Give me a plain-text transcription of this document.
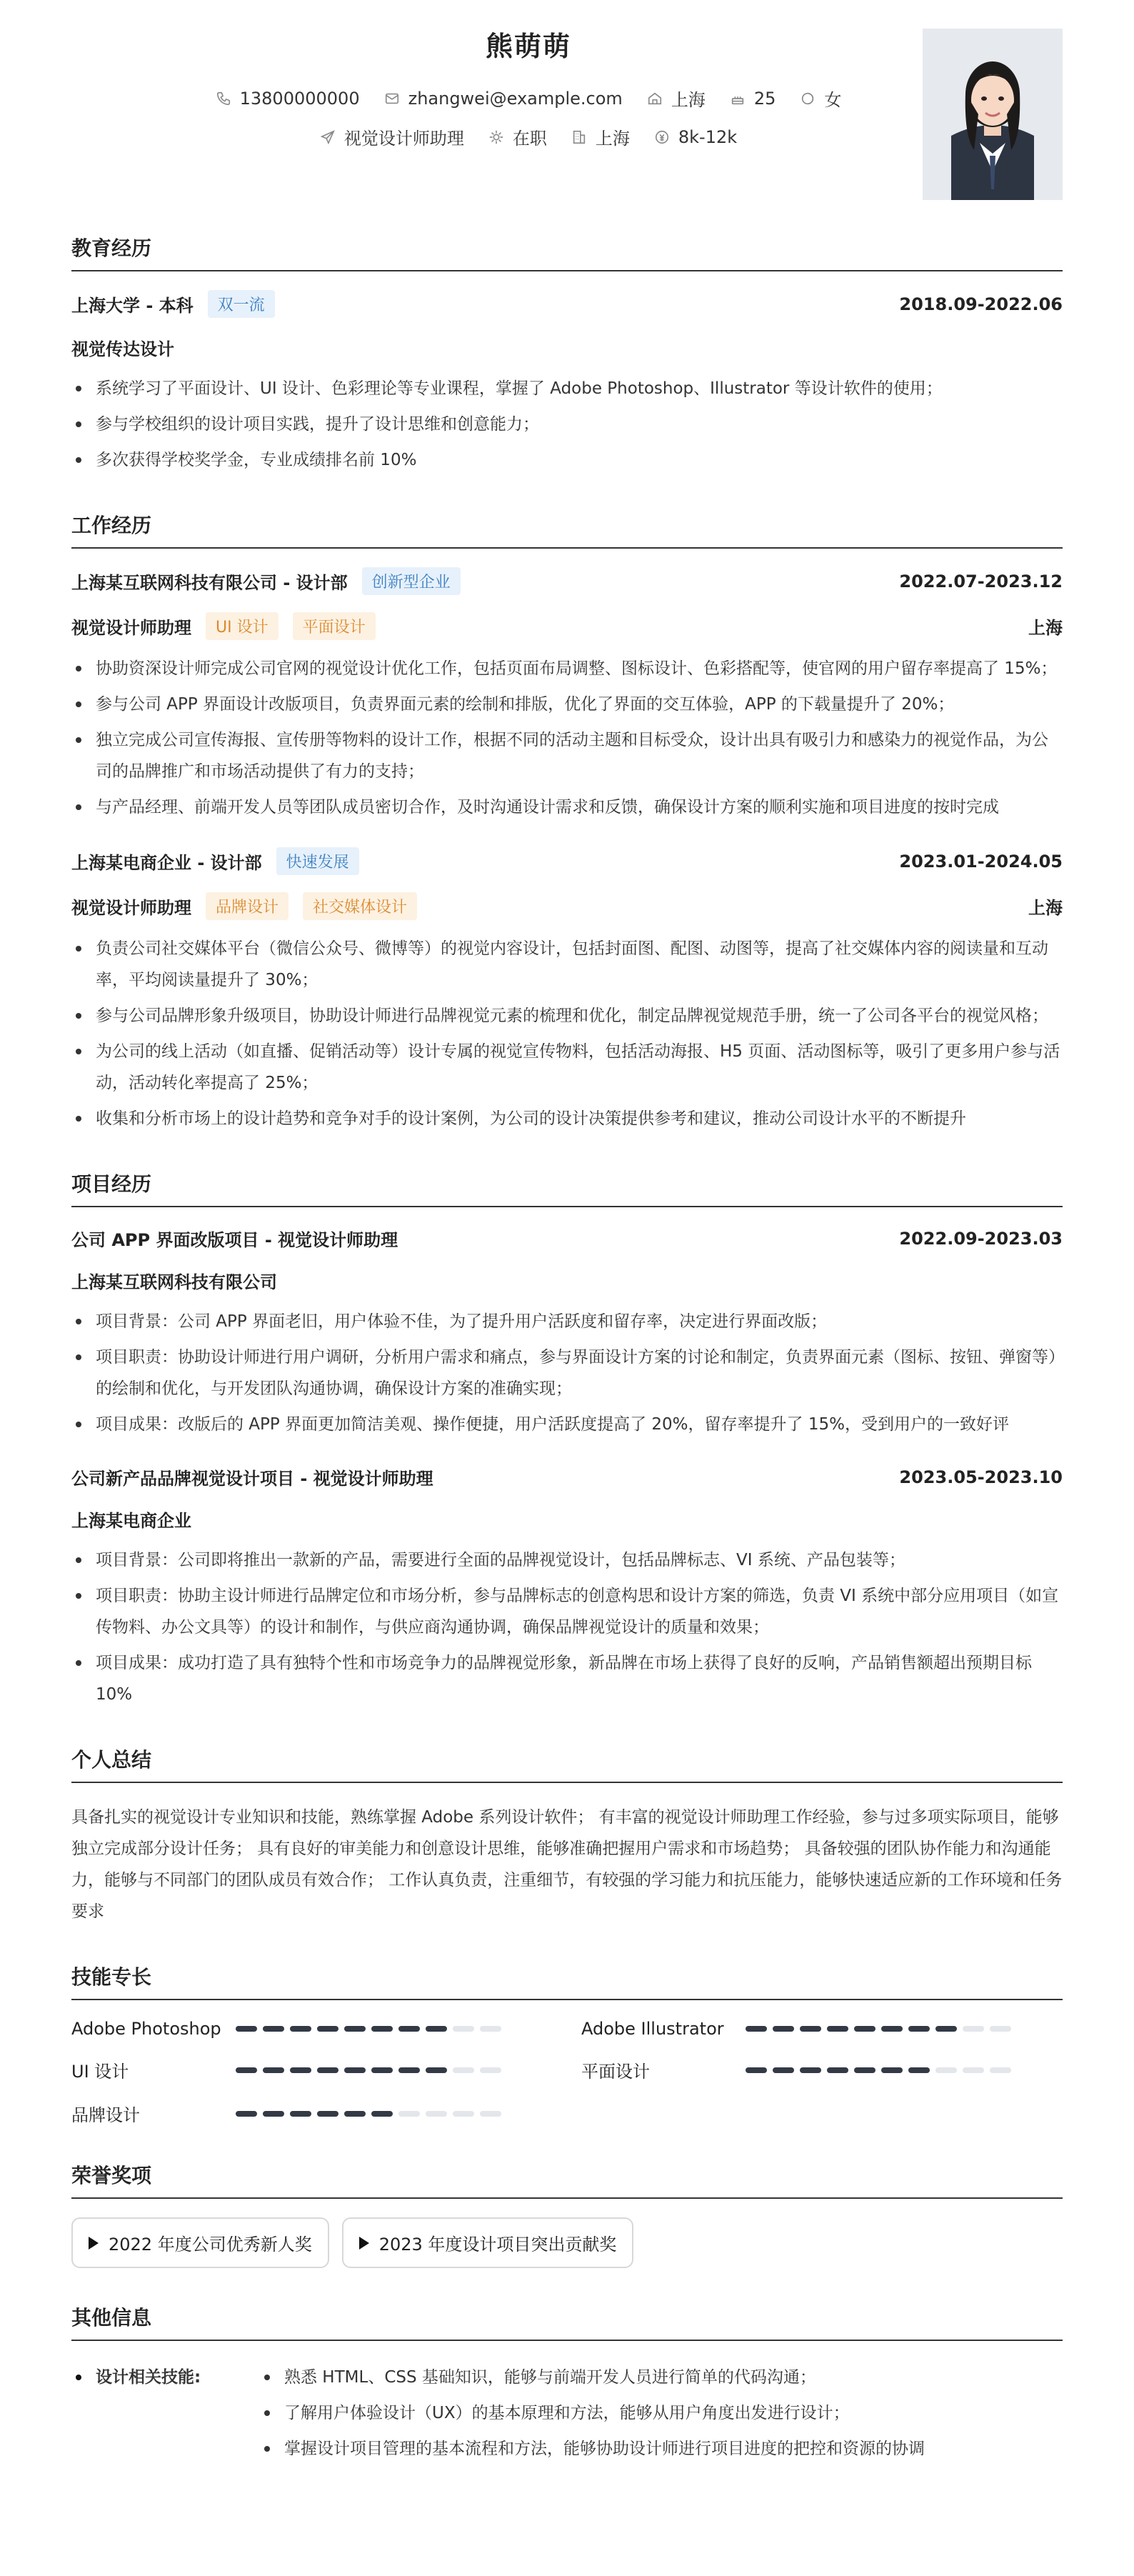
熊萌萌
13800000000	zhangwei@example.com	上海	25	女
视觉设计师助理	在职	上海	8k-12k
教育经历
上海大学 - 本科	双一流	2018.09-2022.06
视觉传达设计
系统学习了平面设计、UI 设计、色彩理论等专业课程，掌握了 Adobe Photoshop、Illustrator 等设计软件的使用；
参与学校组织的设计项目实践，提升了设计思维和创意能力；
多次获得学校奖学金，专业成绩排名前 10%
工作经历
上海某互联网科技有限公司 - 设计部	创新型企业	2022.07-2023.12
视觉设计师助理	UI 设计	平面设计	上海
协助资深设计师完成公司官网的视觉设计优化工作，包括页面布局调整、图标设计、色彩搭配等，使官网的用户留存率提高了 15%；
参与公司 APP 界面设计改版项目，负责界面元素的绘制和排版，优化了界面的交互体验，APP 的下载量提升了 20%；
独立完成公司宣传海报、宣传册等物料的设计工作，根据不同的活动主题和目标受众，设计出具有吸引力和感染力的视觉作品，为公司的品牌推广和市场活动提供了有力的支持；
与产品经理、前端开发人员等团队成员密切合作，及时沟通设计需求和反馈，确保设计方案的顺利实施和项目进度的按时完成
上海某电商企业 - 设计部	快速发展	2023.01-2024.05
视觉设计师助理	品牌设计	社交媒体设计	上海
负责公司社交媒体平台（微信公众号、微博等）的视觉内容设计，包括封面图、配图、动图等，提高了社交媒体内容的阅读量和互动率，平均阅读量提升了 30%；
参与公司品牌形象升级项目，协助设计师进行品牌视觉元素的梳理和优化，制定品牌视觉规范手册，统一了公司各平台的视觉风格；
为公司的线上活动（如直播、促销活动等）设计专属的视觉宣传物料，包括活动海报、H5 页面、活动图标等，吸引了更多用户参与活动，活动转化率提高了 25%；
收集和分析市场上的设计趋势和竞争对手的设计案例，为公司的设计决策提供参考和建议，推动公司设计水平的不断提升
项目经历
公司 APP 界面改版项目 - 视觉设计师助理	2022.09-2023.03
上海某互联网科技有限公司
项目背景：公司 APP 界面老旧，用户体验不佳，为了提升用户活跃度和留存率，决定进行界面改版；
项目职责：协助设计师进行用户调研，分析用户需求和痛点，参与界面设计方案的讨论和制定，负责界面元素（图标、按钮、弹窗等）的绘制和优化，与开发团队沟通协调，确保设计方案的准确实现；
项目成果：改版后的 APP 界面更加简洁美观、操作便捷，用户活跃度提高了 20%，留存率提升了 15%，受到用户的一致好评
公司新产品品牌视觉设计项目 - 视觉设计师助理	2023.05-2023.10
上海某电商企业
项目背景：公司即将推出一款新的产品，需要进行全面的品牌视觉设计，包括品牌标志、VI 系统、产品包装等；
项目职责：协助主设计师进行品牌定位和市场分析，参与品牌标志的创意构思和设计方案的筛选，负责 VI 系统中部分应用项目（如宣传物料、办公文具等）的设计和制作，与供应商沟通协调，确保品牌视觉设计的质量和效果；
项目成果：成功打造了具有独特个性和市场竞争力的品牌视觉形象，新品牌在市场上获得了良好的反响，产品销售额超出预期目标 10%
个人总结
具备扎实的视觉设计专业知识和技能，熟练掌握 Adobe 系列设计软件； 有丰富的视觉设计师助理工作经验，参与过多项实际项目，能够独立完成部分设计任务； 具有良好的审美能力和创意设计思维，能够准确把握用户需求和市场趋势； 具备较强的团队协作能力和沟通能力，能够与不同部门的团队成员有效合作； 工作认真负责，注重细节，有较强的学习能力和抗压能力，能够快速适应新的工作环境和任务要求
技能专长
Adobe Photoshop	Adobe Illustrator
UI 设计	平面设计
品牌设计
荣誉奖项
2022 年度公司优秀新人奖	2023 年度设计项目突出贡献奖
其他信息
设计相关技能:	熟悉 HTML、CSS 基础知识，能够与前端开发人员进行简单的代码沟通；
了解用户体验设计（UX）的基本原理和方法，能够从用户角度出发进行设计；
掌握设计项目管理的基本流程和方法，能够协助设计师进行项目进度的把控和资源的协调
